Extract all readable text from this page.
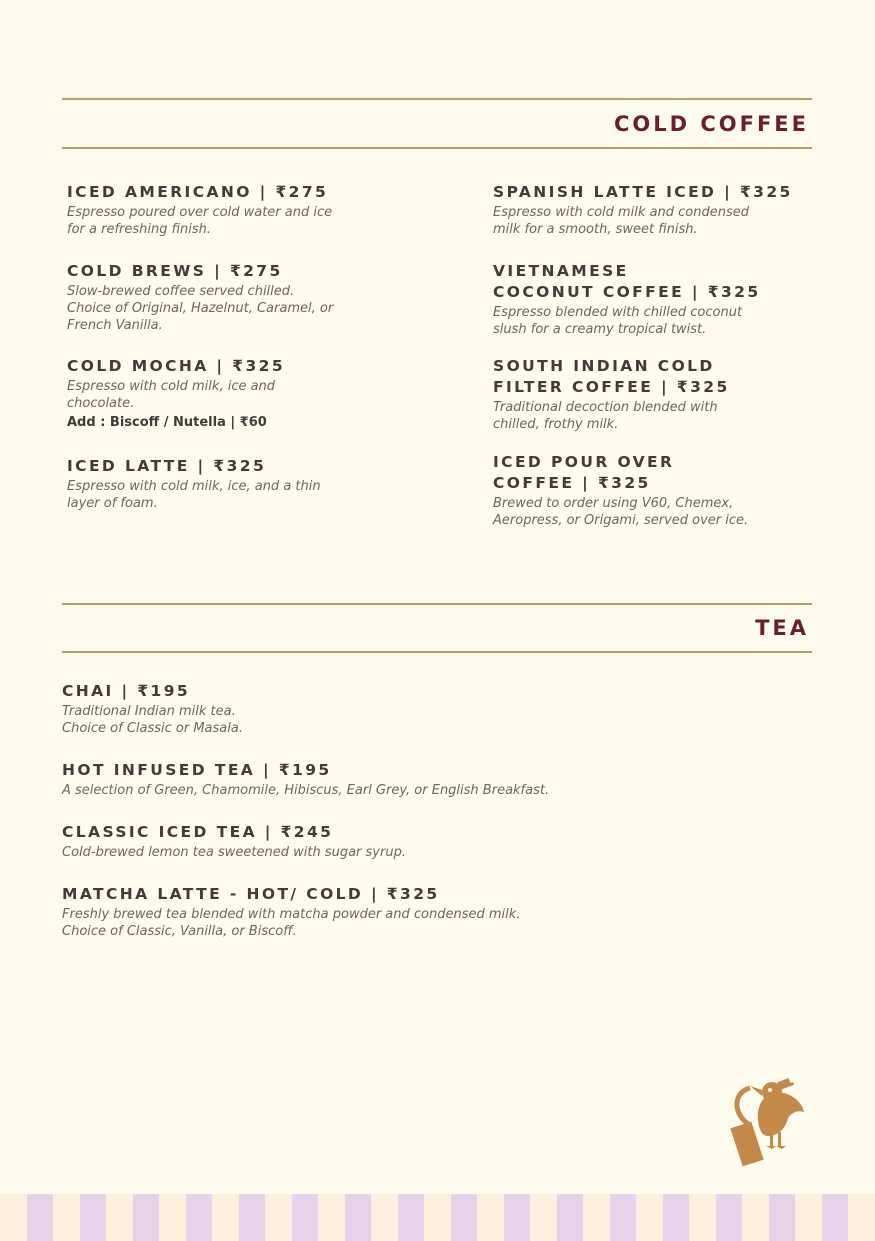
COLD COFFEE
ICED AMERICANO | ₹275
Espresso poured over cold water and ice
for a refreshing finish.
COLD BREWS | ₹275
Slow-brewed coffee served chilled.
Choice of Original, Hazelnut, Caramel, or
French Vanilla.
COLD MOCHA | ₹325
Espresso with cold milk, ice and
chocolate.
Add : Biscoff / Nutella | ₹60
ICED LATTE | ₹325
Espresso with cold milk, ice, and a thin
layer of foam.
SPANISH LATTE ICED | ₹325
Espresso with cold milk and condensed
milk for a smooth, sweet finish.
VIETNAMESE
COCONUT COFFEE | ₹325
Espresso blended with chilled coconut
slush for a creamy tropical twist.
SOUTH INDIAN COLD
FILTER COFFEE | ₹325
Traditional decoction blended with
chilled, frothy milk.
ICED POUR OVER
COFFEE | ₹325
Brewed to order using V60, Chemex,
Aeropress, or Origami, served over ice.
TEA
CHAI | ₹195
Traditional Indian milk tea.
Choice of Classic or Masala.
HOT INFUSED TEA | ₹195
A selection of Green, Chamomile, Hibiscus, Earl Grey, or English Breakfast.
CLASSIC ICED TEA | ₹245
Cold-brewed lemon tea sweetened with sugar syrup.
MATCHA LATTE - HOT/ COLD | ₹325
Freshly brewed tea blended with matcha powder and condensed milk.
Choice of Classic, Vanilla, or Biscoff.
